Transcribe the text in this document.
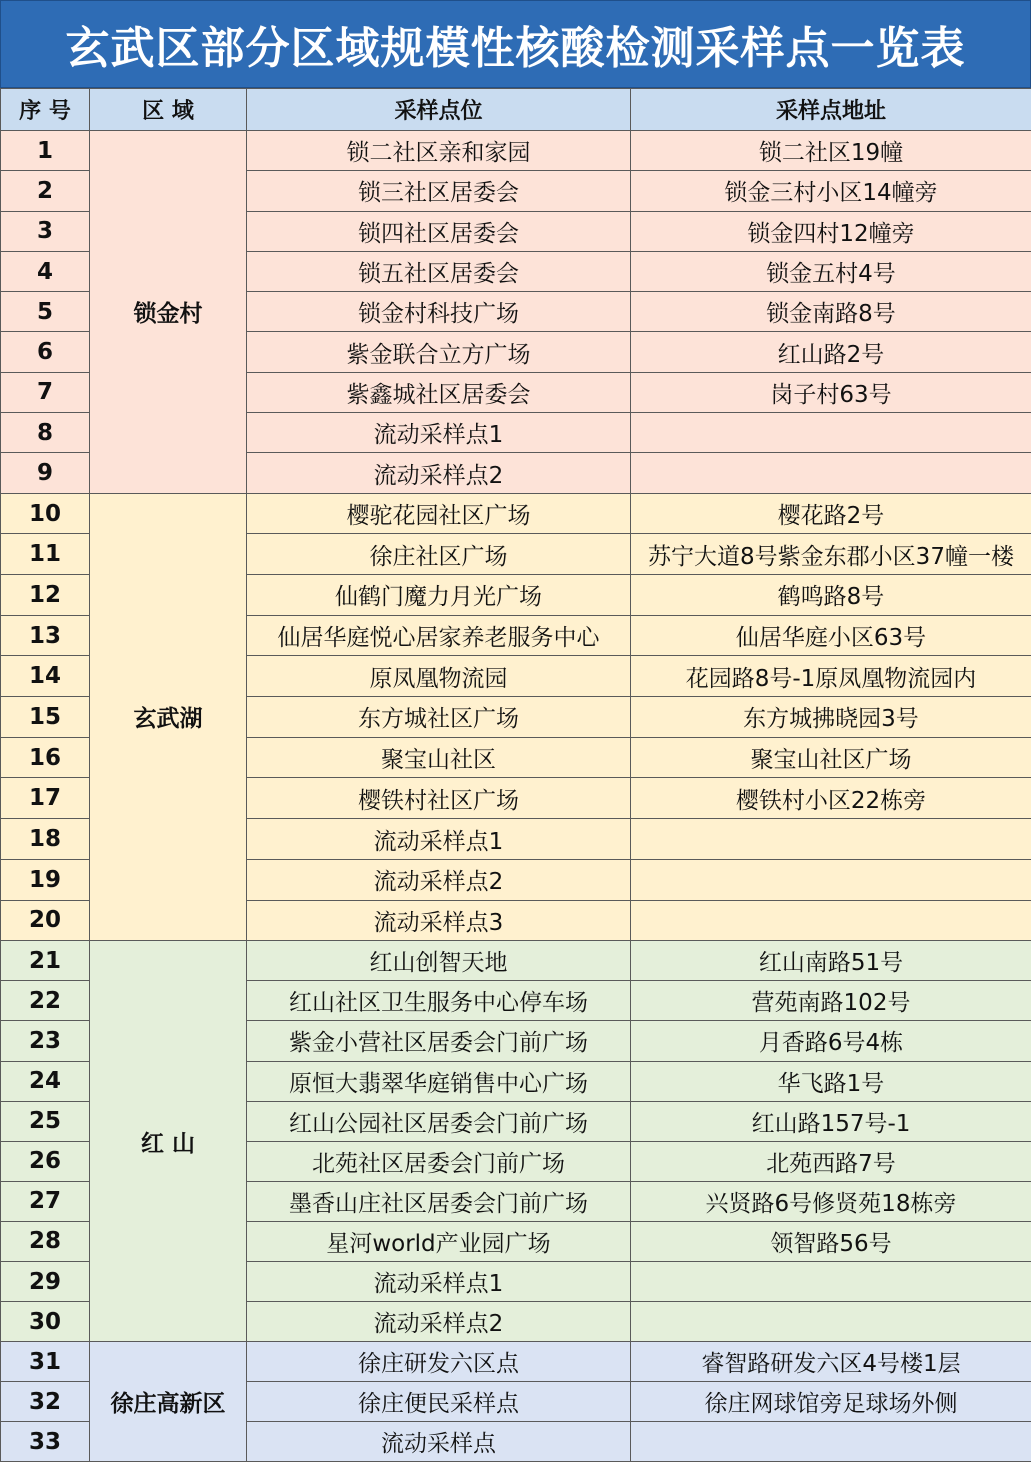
玄武区部分区域规模性核酸检测采样点一览表
序 号	区 域	采样点位	采样点地址
1	锁金村	锁二社区亲和家园	锁二社区19幢
2		锁三社区居委会	锁金三村小区14幢旁
3		锁四社区居委会	锁金四村12幢旁
4		锁五社区居委会	锁金五村4号
5		锁金村科技广场	锁金南路8号
6		紫金联合立方广场	红山路2号
7		紫鑫城社区居委会	岗子村63号
8		流动采样点1	
9		流动采样点2	
10	玄武湖	樱驼花园社区广场	樱花路2号
11		徐庄社区广场	苏宁大道8号紫金东郡小区37幢一楼
12		仙鹤门魔力月光广场	鹤鸣路8号
13		仙居华庭悦心居家养老服务中心	仙居华庭小区63号
14		原凤凰物流园	花园路8号-1原凤凰物流园内
15		东方城社区广场	东方城拂晓园3号
16		聚宝山社区	聚宝山社区广场
17		樱铁村社区广场	樱铁村小区22栋旁
18		流动采样点1	
19		流动采样点2	
20		流动采样点3	
21	红 山	红山创智天地	红山南路51号
22		红山社区卫生服务中心停车场	营苑南路102号
23		紫金小营社区居委会门前广场	月香路6号4栋
24		原恒大翡翠华庭销售中心广场	华飞路1号
25		红山公园社区居委会门前广场	红山路157号-1
26		北苑社区居委会门前广场	北苑西路7号
27		墨香山庄社区居委会门前广场	兴贤路6号修贤苑18栋旁
28		星河world产业园广场	领智路56号
29		流动采样点1	
30		流动采样点2	
31	徐庄高新区	徐庄研发六区点	睿智路研发六区4号楼1层
32		徐庄便民采样点	徐庄网球馆旁足球场外侧
33		流动采样点	
